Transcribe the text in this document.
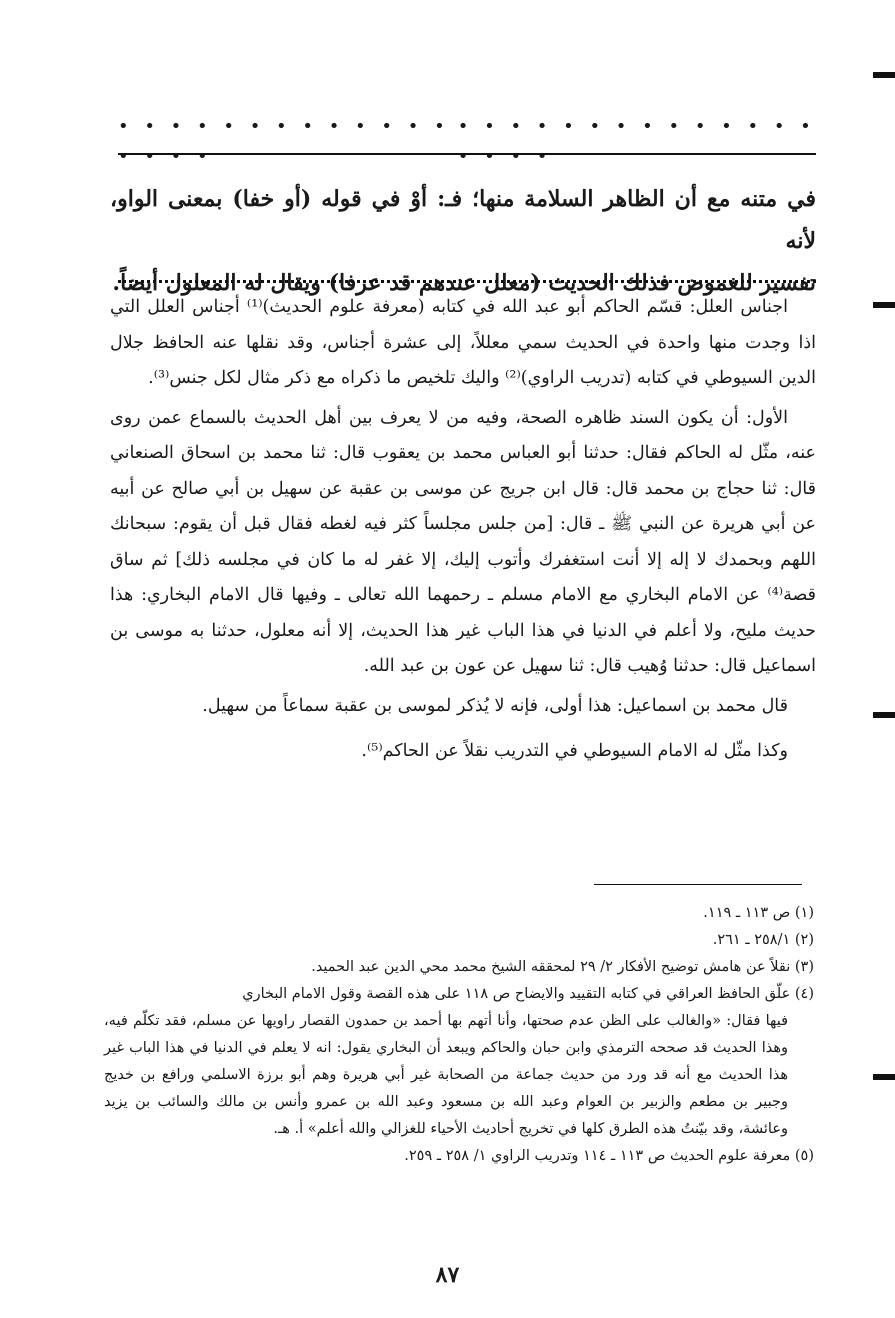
• • • • • • • • • • • • • • • • •
• • • • • • • • • • • • • • • • • •
في متنه مع أن الظاهر السلامة منها؛ فـ: أوْ في قوله (أو خفا) بمعنى الواو، لأنه
تفسير للغموض فذلك الحديث (معلل عندهم قد عرفا) ويقال له المعلول أيضاً.

اجناس العلل: قسّم الحاكم أبو عبد الله في كتابه (معرفة علوم الحديث)⁽¹⁾ أجناس العلل التي اذا وجدت منها واحدة في الحديث سمي معللاً، إلى عشرة أجناس، وقد نقلها عنه الحافظ جلال الدين السيوطي في كتابه (تدريب الراوي)⁽²⁾ واليك تلخيص ما ذكراه مع ذكر مثال لكل جنس⁽³⁾.

الأول: أن يكون السند ظاهره الصحة، وفيه من لا يعرف بين أهل الحديث بالسماع عمن روى عنه، مثّل له الحاكم فقال: حدثنا أبو العباس محمد بن يعقوب قال: ثنا محمد بن اسحاق الصنعاني قال: ثنا حجاج بن محمد قال: قال ابن جريج عن موسى بن عقبة عن سهيل بن أبي صالح عن أبيه عن أبي هريرة عن النبي ﷺ ـ قال: [من جلس مجلساً كثر فيه لغطه فقال قبل أن يقوم: سبحانك اللهم وبحمدك لا إله إلا أنت استغفرك وأتوب إليك، إلا غفر له ما كان في مجلسه ذلك] ثم ساق قصة⁽⁴⁾ عن الامام البخاري مع الامام مسلم ـ رحمهما الله تعالى ـ وفيها قال الامام البخاري: هذا حديث مليح، ولا أعلم في الدنيا في هذا الباب غير هذا الحديث، إلا أنه معلول، حدثنا به موسى بن اسماعيل قال: حدثنا وُهيب قال: ثنا سهيل عن عون بن عبد الله.

قال محمد بن اسماعيل: هذا أولى، فإنه لا يُذكر لموسى بن عقبة سماعاً من سهيل.

وكذا مثّل له الامام السيوطي في التدريب نقلاً عن الحاكم⁽⁵⁾.

(١) ص ١١٣ ـ ١١٩.

(٢) ٢٥٨/١ ـ ٢٦١.

(٣) نقلاً عن هامش توضيح الأفكار ٢/ ٢٩ لمحققه الشيخ محمد محي الدين عبد الحميد.

(٤) علّق الحافظ العراقي في كتابه التقييد والايضاح ص ١١٨ على هذه القصة وقول الامام البخاري

فيها فقال: «والغالب على الظن عدم صحتها، وأنا أتهم بها أحمد بن حمدون القصار راويها عن مسلم، فقد تكلّم فيه، وهذا الحديث قد صححه الترمذي وابن حبان والحاكم ويبعد أن البخاري يقول: انه لا يعلم في الدنيا في هذا الباب غير هذا الحديث مع أنه قد ورد من حديث جماعة من الصحابة غير أبي هريرة وهم أبو برزة الاسلمي ورافع بن خديج وجبير بن مطعم والزبير بن العوام وعبد الله بن مسعود وعبد الله بن عمرو وأنس بن مالك والسائب بن يزيد وعائشة، وقد بيّنتُ هذه الطرق كلها في تخريج أحاديث الأحياء للغزالي والله أعلم» أ. هـ.

(٥) معرفة علوم الحديث ص ١١٣ ـ ١١٤ وتدريب الراوي ١/ ٢٥٨ ـ ٢٥٩.

٨٧
